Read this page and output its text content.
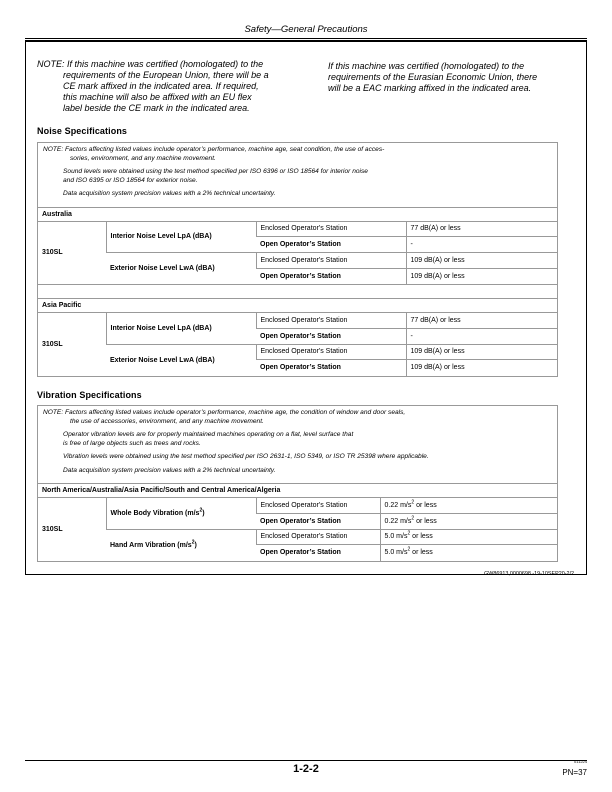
Safety—General Precautions
NOTE: If this machine was certified (homologated) to the
requirements of the European Union, there will be a
CE mark affixed in the indicated area. If required,
this machine will also be affixed with an EU flex
label beside the CE mark in the indicated area.
If this machine was certified (homologated) to the
requirements of the Eurasian Economic Union, there
will be a EAC marking affixed in the indicated area.
Noise Specifications

NOTE: Factors affecting listed values include operator’s performance, machine age, seat condition, the use of acces-
sories, environment, and any machine movement.

Sound levels were obtained using the test method specified per ISO 6396 or ISO 18564 for interior noise
and ISO 6395 or ISO 18564 for exterior noise.

Data acquisition system precision values with a 2% technical uncertainty.

Australia
310SL	Interior Noise Level LpA (dBA)	Enclosed Operator's Station	77 dB(A) or less
		Open Operator’s Station	-
	Exterior Noise Level LwA (dBA)	Enclosed Operator's Station	109 dB(A) or less
		Open Operator’s Station	109 dB(A) or less
Asia Pacific
310SL	Interior Noise Level LpA (dBA)	Enclosed Operator's Station	77 dB(A) or less
		Open Operator’s Station	-
	Exterior Noise Level LwA (dBA)	Enclosed Operator's Station	109 dB(A) or less
		Open Operator’s Station	109 dB(A) or less
Vibration Specifications

NOTE: Factors affecting listed values include operator’s performance, machine age, the condition of window and door seals,
the use of accessories, environment, and any machine movement.

Operator vibration levels are for properly maintained machines operating on a flat, level surface that
is free of large objects such as trees and rocks.

Vibration levels were obtained using the test method specified per ISO 2631-1, ISO 5349, or ISO TR 25398 where applicable.

Data acquisition system precision values with a 2% technical uncertainty.

North America/Australia/Asia Pacific/South and Central America/Algeria
310SL	Whole Body Vibration $(m/s^2)$	Enclosed Operator's Station	0.22 $m/s^2$ or less
		Open Operator’s Station	0.22 $m/s^2$ or less
	Hand Arm Vibration $(m/s^2)$	Enclosed Operator's Station	5.0 $m/s^2$ or less
		Open Operator’s Station	5.0 $m/s^2$ or less
GW86913,0000698 -19-10SEP20-2/2
1-2-2
011224
PN=37
